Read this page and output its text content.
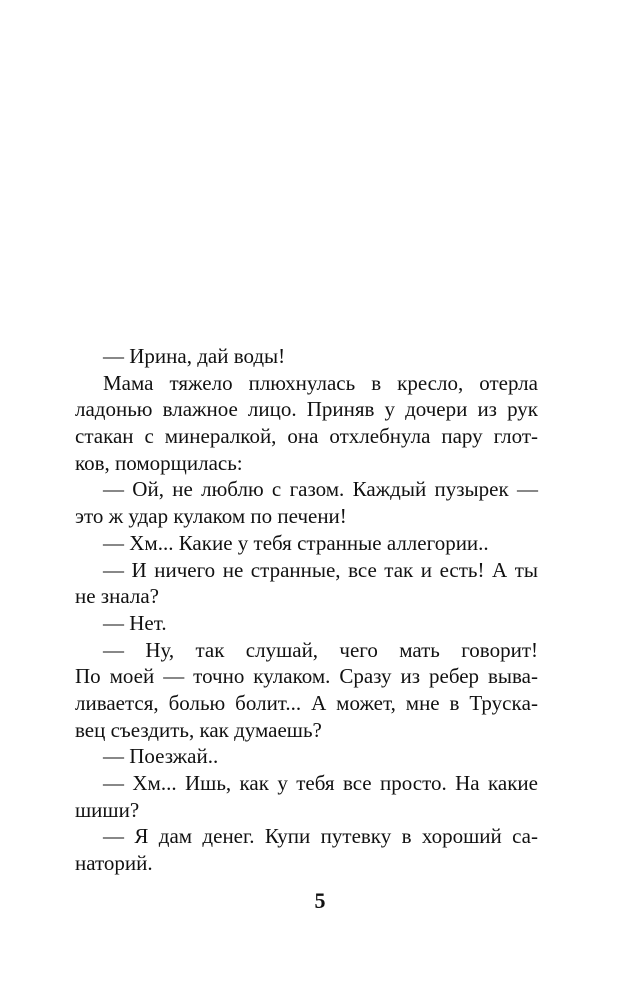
— Ирина, дай воды!
Мама тяжело плюхнулась в кресло, отерла
ладонью влажное лицо. Приняв у дочери из рук
стакан с минералкой, она отхлебнула пару глот-
ков, поморщилась:
— Ой, не люблю с газом. Каждый пузырек —
это ж удар кулаком по печени!
— Хм... Какие у тебя странные аллегории..
— И ничего не странные, все так и есть! А ты
не знала?
— Нет.
— Ну, так слушай, чего мать говорит!
По моей — точно кулаком. Сразу из ребер выва-
ливается, болью болит... А может, мне в Трускa-
вец съездить, как думаешь?
— Поезжай..
— Хм... Ишь, как у тебя все просто. На какие
шиши?
— Я дам денег. Купи путевку в хороший са-
наторий.
5
